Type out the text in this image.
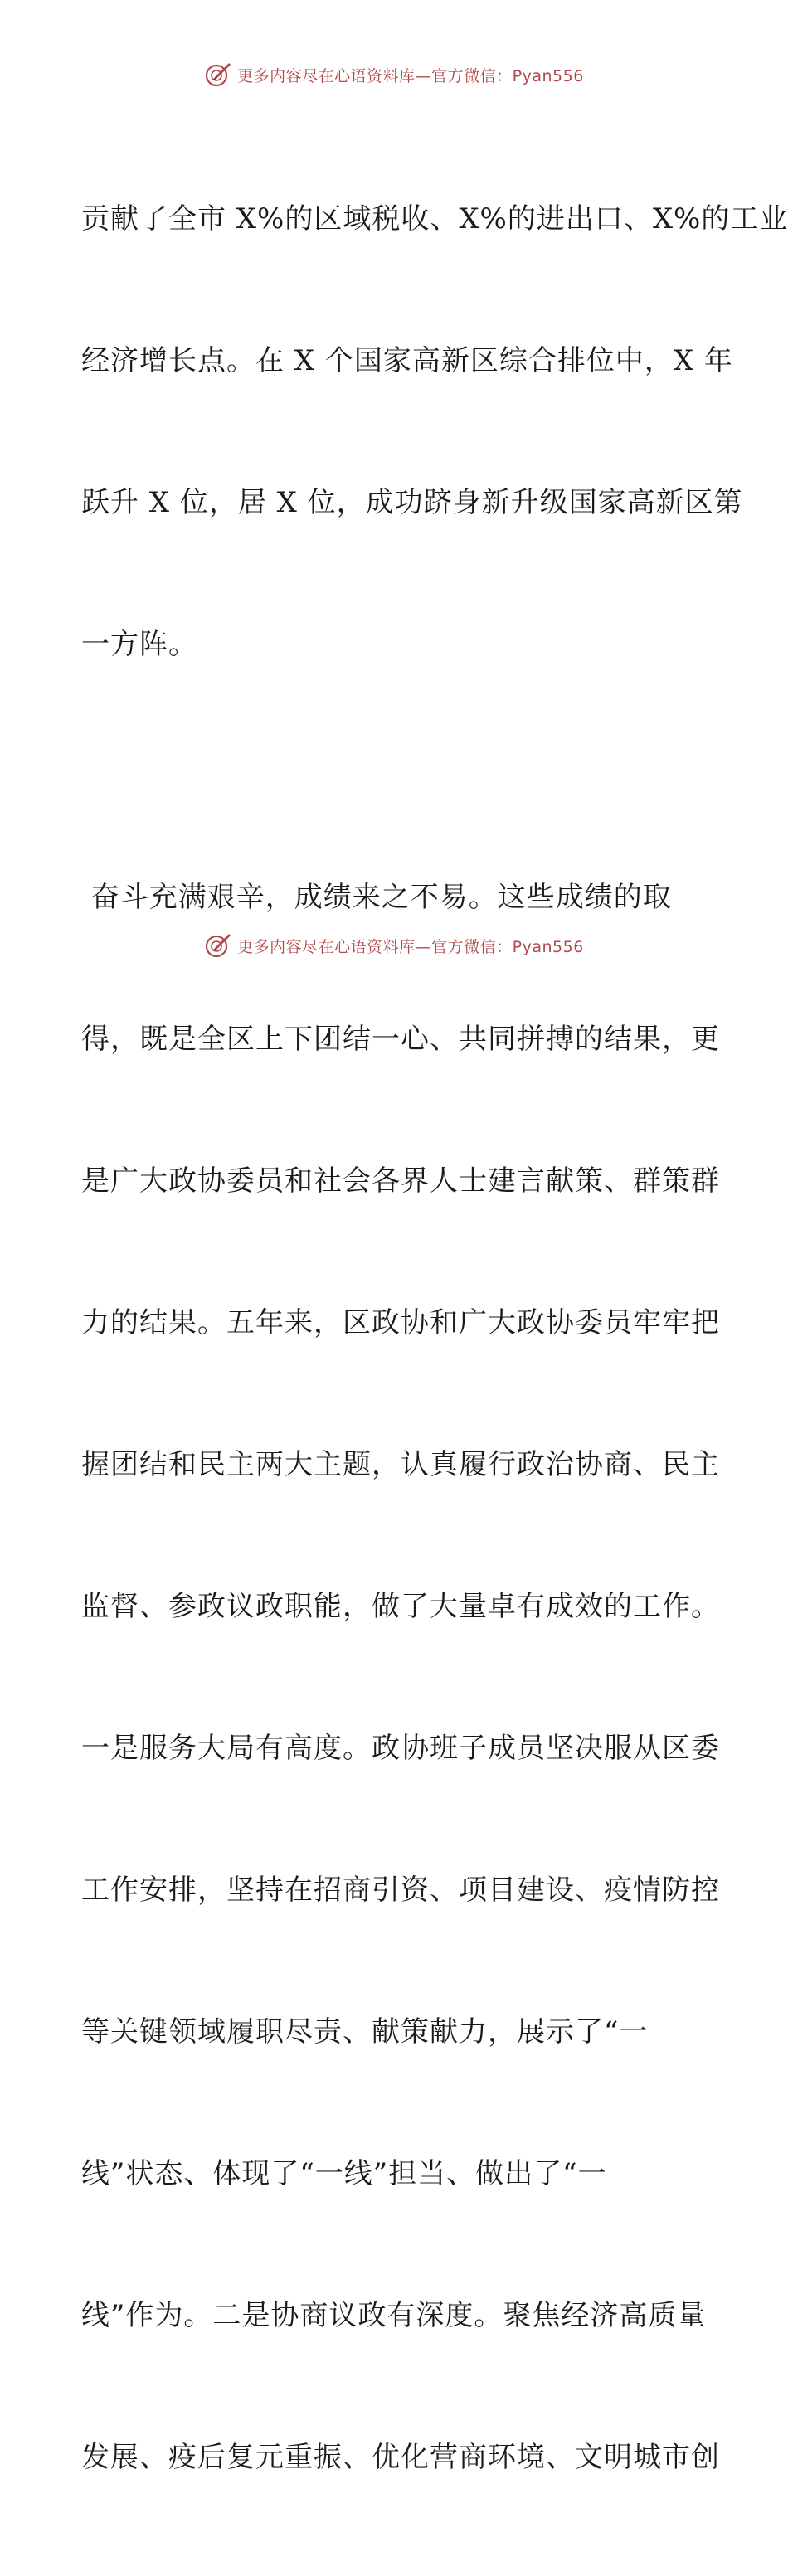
更多内容尽在心语资料库—官方微信：Pyan556

贡献了全市 X%的区域税收、X%的进出口、X%的工业

经济增长点。在 X 个国家高新区综合排位中，X 年

跃升 X 位，居 X 位，成功跻身新升级国家高新区第

一方阵。

奋斗充满艰辛，成绩来之不易。这些成绩的取

得，既是全区上下团结一心、共同拼搏的结果，更

是广大政协委员和社会各界人士建言献策、群策群

力的结果。五年来，区政协和广大政协委员牢牢把

握团结和民主两大主题，认真履行政治协商、民主

监督、参政议政职能，做了大量卓有成效的工作。

一是服务大局有高度。政协班子成员坚决服从区委

工作安排，坚持在招商引资、项目建设、疫情防控

等关键领域履职尽责、献策献力，展示了“一

线”状态、体现了“一线”担当、做出了“一

线”作为。二是协商议政有深度。聚焦经济高质量

发展、疫后复元重振、优化营商环境、文明城市创

更多内容尽在心语资料库—官方微信：Pyan556
